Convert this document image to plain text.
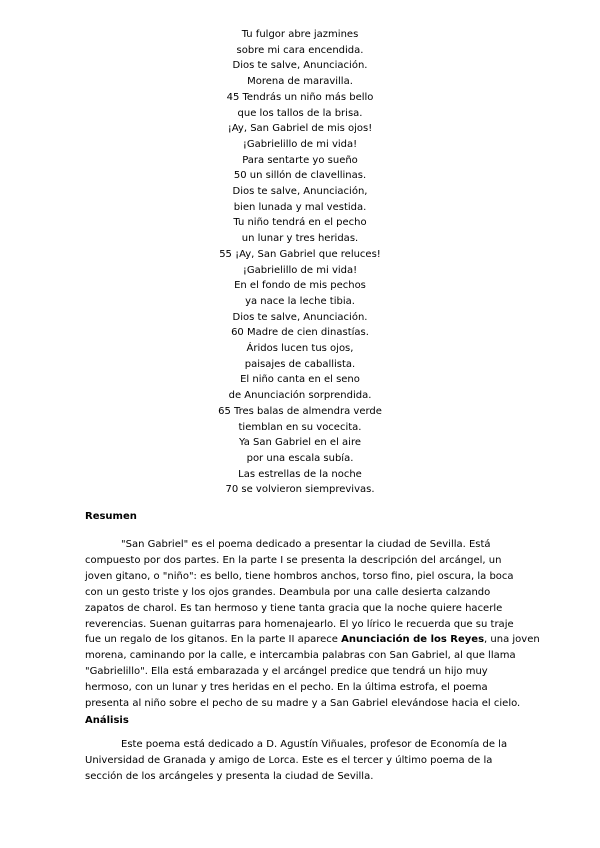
Tu fulgor abre jazmines
sobre mi cara encendida.
Dios te salve, Anunciación.
Morena de maravilla.
45 Tendrás un niño más bello
que los tallos de la brisa.
¡Ay, San Gabriel de mis ojos!
¡Gabrielillo de mi vida!
Para sentarte yo sueño
50 un sillón de clavellinas.
Dios te salve, Anunciación,
bien lunada y mal vestida.
Tu niño tendrá en el pecho
un lunar y tres heridas.
55 ¡Ay, San Gabriel que reluces!
¡Gabrielillo de mi vida!
En el fondo de mis pechos
ya nace la leche tibia.
Dios te salve, Anunciación.
60 Madre de cien dinastías.
Áridos lucen tus ojos,
paisajes de caballista.
El niño canta en el seno
de Anunciación sorprendida.
65 Tres balas de almendra verde
tiemblan en su vocecita.
Ya San Gabriel en el aire
por una escala subía.
Las estrellas de la noche
70 se volvieron siemprevivas.
Resumen
"San Gabriel" es el poema dedicado a presentar la ciudad de Sevilla. Está
compuesto por dos partes. En la parte I se presenta la descripción del arcángel, un
joven gitano, o "niño": es bello, tiene hombros anchos, torso fino, piel oscura, la boca
con un gesto triste y los ojos grandes. Deambula por una calle desierta calzando
zapatos de charol. Es tan hermoso y tiene tanta gracia que la noche quiere hacerle
reverencias. Suenan guitarras para homenajearlo. El yo lírico le recuerda que su traje
fue un regalo de los gitanos. En la parte II aparece Anunciación de los Reyes, una joven
morena, caminando por la calle, e intercambia palabras con San Gabriel, al que llama
"Gabrielillo". Ella está embarazada y el arcángel predice que tendrá un hijo muy
hermoso, con un lunar y tres heridas en el pecho. En la última estrofa, el poema
presenta al niño sobre el pecho de su madre y a San Gabriel elevándose hacia el cielo.
Análisis
Este poema está dedicado a D. Agustín Viñuales, profesor de Economía de la
Universidad de Granada y amigo de Lorca. Este es el tercer y último poema de la
sección de los arcángeles y presenta la ciudad de Sevilla.
